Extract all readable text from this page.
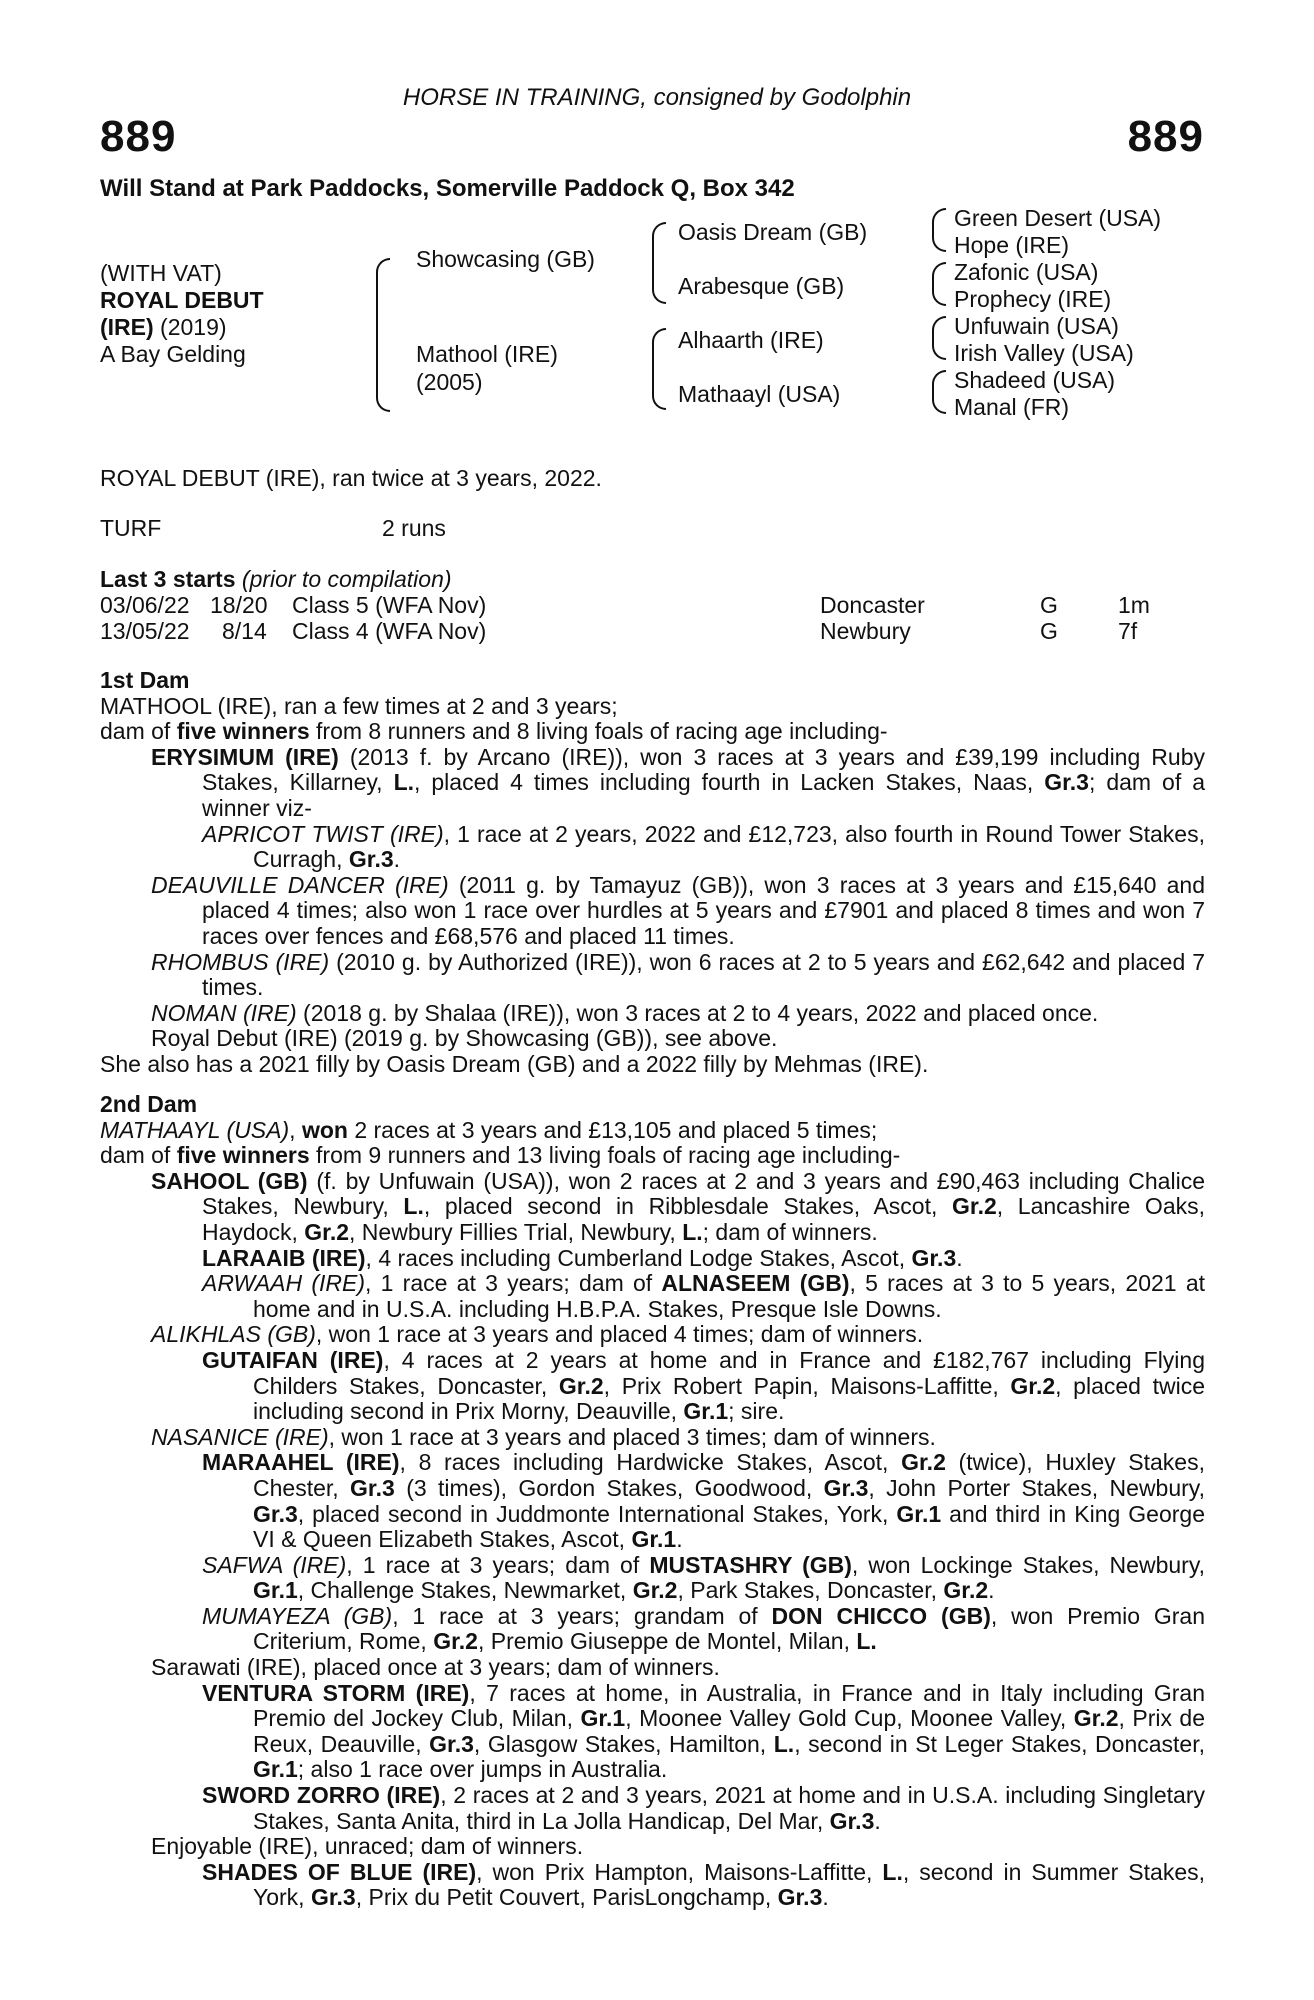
HORSE IN TRAINING, consigned by Godolphin
889	889
Will Stand at Park Paddocks, Somerville Paddock Q, Box 342
(WITH VAT)
ROYAL DEBUT
(IRE) (2019)
A Bay Gelding
Showcasing (GB)
Mathool (IRE)
(2005)
Oasis Dream (GB)
Arabesque (GB)
Alhaarth (IRE)
Mathaayl (USA)
Green Desert (USA)
Hope (IRE)
Zafonic (USA)
Prophecy (IRE)
Unfuwain (USA)
Irish Valley (USA)
Shadeed (USA)
Manal (FR)
ROYAL DEBUT (IRE), ran twice at 3 years, 2022.
TURF	2 runs
Last 3 starts (prior to compilation)
03/06/22 18/20 Class 5 (WFA Nov)	Doncaster	G	1m
13/05/22 8/14 Class 4 (WFA Nov)	Newbury	G	7f

1st Dam

MATHOOL (IRE), ran a few times at 2 and 3 years;

dam of five winners from 8 runners and 8 living foals of racing age including-

ERYSIMUM (IRE) (2013 f. by Arcano (IRE)), won 3 races at 3 years and £39,199 including Ruby Stakes, Killarney, L., placed 4 times including fourth in Lacken Stakes, Naas, Gr.3; dam of a winner viz-

APRICOT TWIST (IRE), 1 race at 2 years, 2022 and £12,723, also fourth in Round Tower Stakes, Curragh, Gr.3.

DEAUVILLE DANCER (IRE) (2011 g. by Tamayuz (GB)), won 3 races at 3 years and £15,640 and placed 4 times; also won 1 race over hurdles at 5 years and £7901 and placed 8 times and won 7 races over fences and £68,576 and placed 11 times.

RHOMBUS (IRE) (2010 g. by Authorized (IRE)), won 6 races at 2 to 5 years and £62,642 and placed 7 times.

NOMAN (IRE) (2018 g. by Shalaa (IRE)), won 3 races at 2 to 4 years, 2022 and placed once.

Royal Debut (IRE) (2019 g. by Showcasing (GB)), see above.

She also has a 2021 filly by Oasis Dream (GB) and a 2022 filly by Mehmas (IRE).

2nd Dam

MATHAAYL (USA), won 2 races at 3 years and £13,105 and placed 5 times;

dam of five winners from 9 runners and 13 living foals of racing age including-

SAHOOL (GB) (f. by Unfuwain (USA)), won 2 races at 2 and 3 years and £90,463 including Chalice Stakes, Newbury, L., placed second in Ribblesdale Stakes, Ascot, Gr.2, Lancashire Oaks, Haydock, Gr.2, Newbury Fillies Trial, Newbury, L.; dam of winners.

LARAAIB (IRE), 4 races including Cumberland Lodge Stakes, Ascot, Gr.3.

ARWAAH (IRE), 1 race at 3 years; dam of ALNASEEM (GB), 5 races at 3 to 5 years, 2021 at home and in U.S.A. including H.B.P.A. Stakes, Presque Isle Downs.

ALIKHLAS (GB), won 1 race at 3 years and placed 4 times; dam of winners.

GUTAIFAN (IRE), 4 races at 2 years at home and in France and £182,767 including Flying Childers Stakes, Doncaster, Gr.2, Prix Robert Papin, Maisons-Laffitte, Gr.2, placed twice including second in Prix Morny, Deauville, Gr.1; sire.

NASANICE (IRE), won 1 race at 3 years and placed 3 times; dam of winners.

MARAAHEL (IRE), 8 races including Hardwicke Stakes, Ascot, Gr.2 (twice), Huxley Stakes, Chester, Gr.3 (3 times), Gordon Stakes, Goodwood, Gr.3, John Porter Stakes, Newbury, Gr.3, placed second in Juddmonte International Stakes, York, Gr.1 and third in King George VI & Queen Elizabeth Stakes, Ascot, Gr.1.

SAFWA (IRE), 1 race at 3 years; dam of MUSTASHRY (GB), won Lockinge Stakes, Newbury, Gr.1, Challenge Stakes, Newmarket, Gr.2, Park Stakes, Doncaster, Gr.2.

MUMAYEZA (GB), 1 race at 3 years; grandam of DON CHICCO (GB), won Premio Gran Criterium, Rome, Gr.2, Premio Giuseppe de Montel, Milan, L.

Sarawati (IRE), placed once at 3 years; dam of winners.

VENTURA STORM (IRE), 7 races at home, in Australia, in France and in Italy including Gran Premio del Jockey Club, Milan, Gr.1, Moonee Valley Gold Cup, Moonee Valley, Gr.2, Prix de Reux, Deauville, Gr.3, Glasgow Stakes, Hamilton, L., second in St Leger Stakes, Doncaster, Gr.1; also 1 race over jumps in Australia.

SWORD ZORRO (IRE), 2 races at 2 and 3 years, 2021 at home and in U.S.A. including Singletary Stakes, Santa Anita, third in La Jolla Handicap, Del Mar, Gr.3.

Enjoyable (IRE), unraced; dam of winners.

SHADES OF BLUE (IRE), won Prix Hampton, Maisons-Laffitte, L., second in Summer Stakes, York, Gr.3, Prix du Petit Couvert, ParisLongchamp, Gr.3.
